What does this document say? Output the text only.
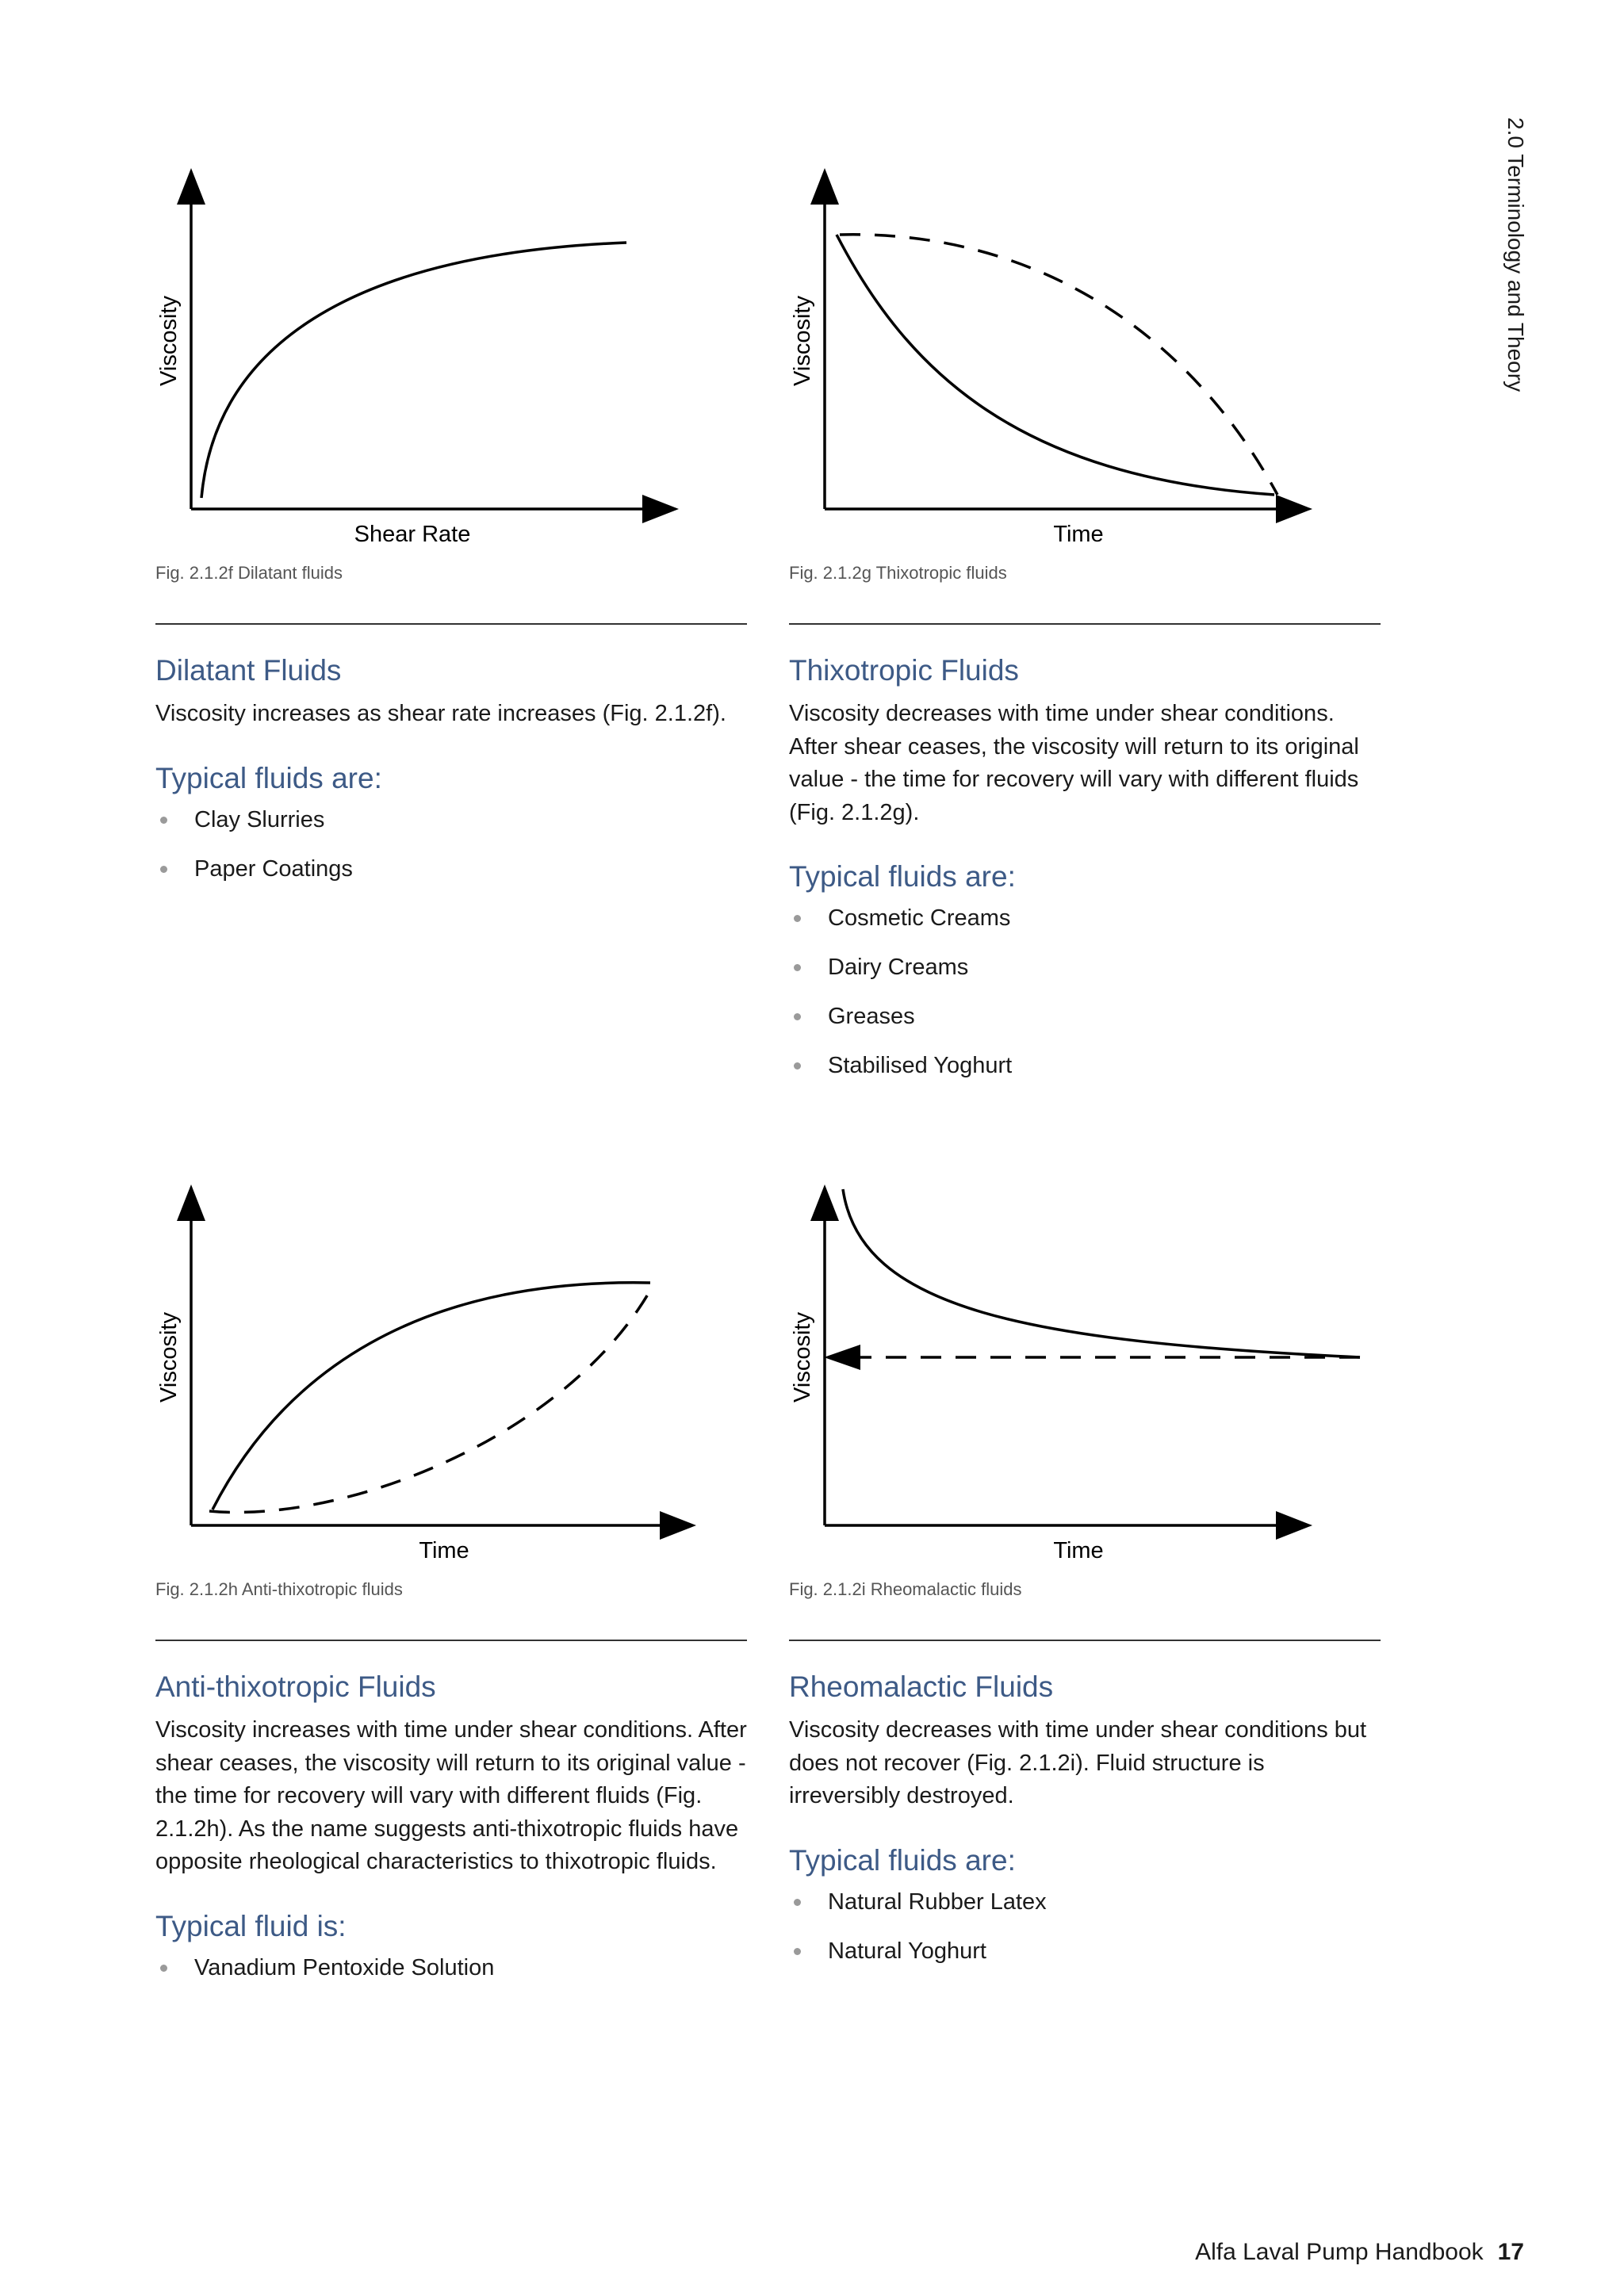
2.0 Terminology and Theory
Viscosity
Shear Rate
Fig. 2.1.2f Dilatant fluids
Viscosity
Time
Fig. 2.1.2g Thixotropic fluids
Dilatant Fluids
Viscosity increases as shear rate increases (Fig. 2.1.2f).
Typical fluids are:
Clay Slurries
Paper Coatings
Thixotropic Fluids
Viscosity decreases with time under shear conditions. After shear ceases, the viscosity will return to its original value - the time for recovery will vary with different fluids (Fig. 2.1.2g).
Typical fluids are:
Cosmetic Creams
Dairy Creams
Greases
Stabilised Yoghurt
Viscosity
Time
Fig. 2.1.2h Anti-thixotropic fluids
Viscosity
Time
Fig. 2.1.2i Rheomalactic fluids
Anti-thixotropic Fluids
Viscosity increases with time under shear conditions. After shear ceases, the viscosity will return to its original value - the time for recovery will vary with different fluids (Fig. 2.1.2h). As the name suggests anti-thixotropic fluids have opposite rheological characteristics to thixotropic fluids.
Typical fluid is:
Vanadium Pentoxide Solution
Rheomalactic Fluids
Viscosity decreases with time under shear conditions but does not recover (Fig. 2.1.2i). Fluid structure is irreversibly destroyed.
Typical fluids are:
Natural Rubber Latex
Natural Yoghurt
Alfa Laval Pump Handbook 17
